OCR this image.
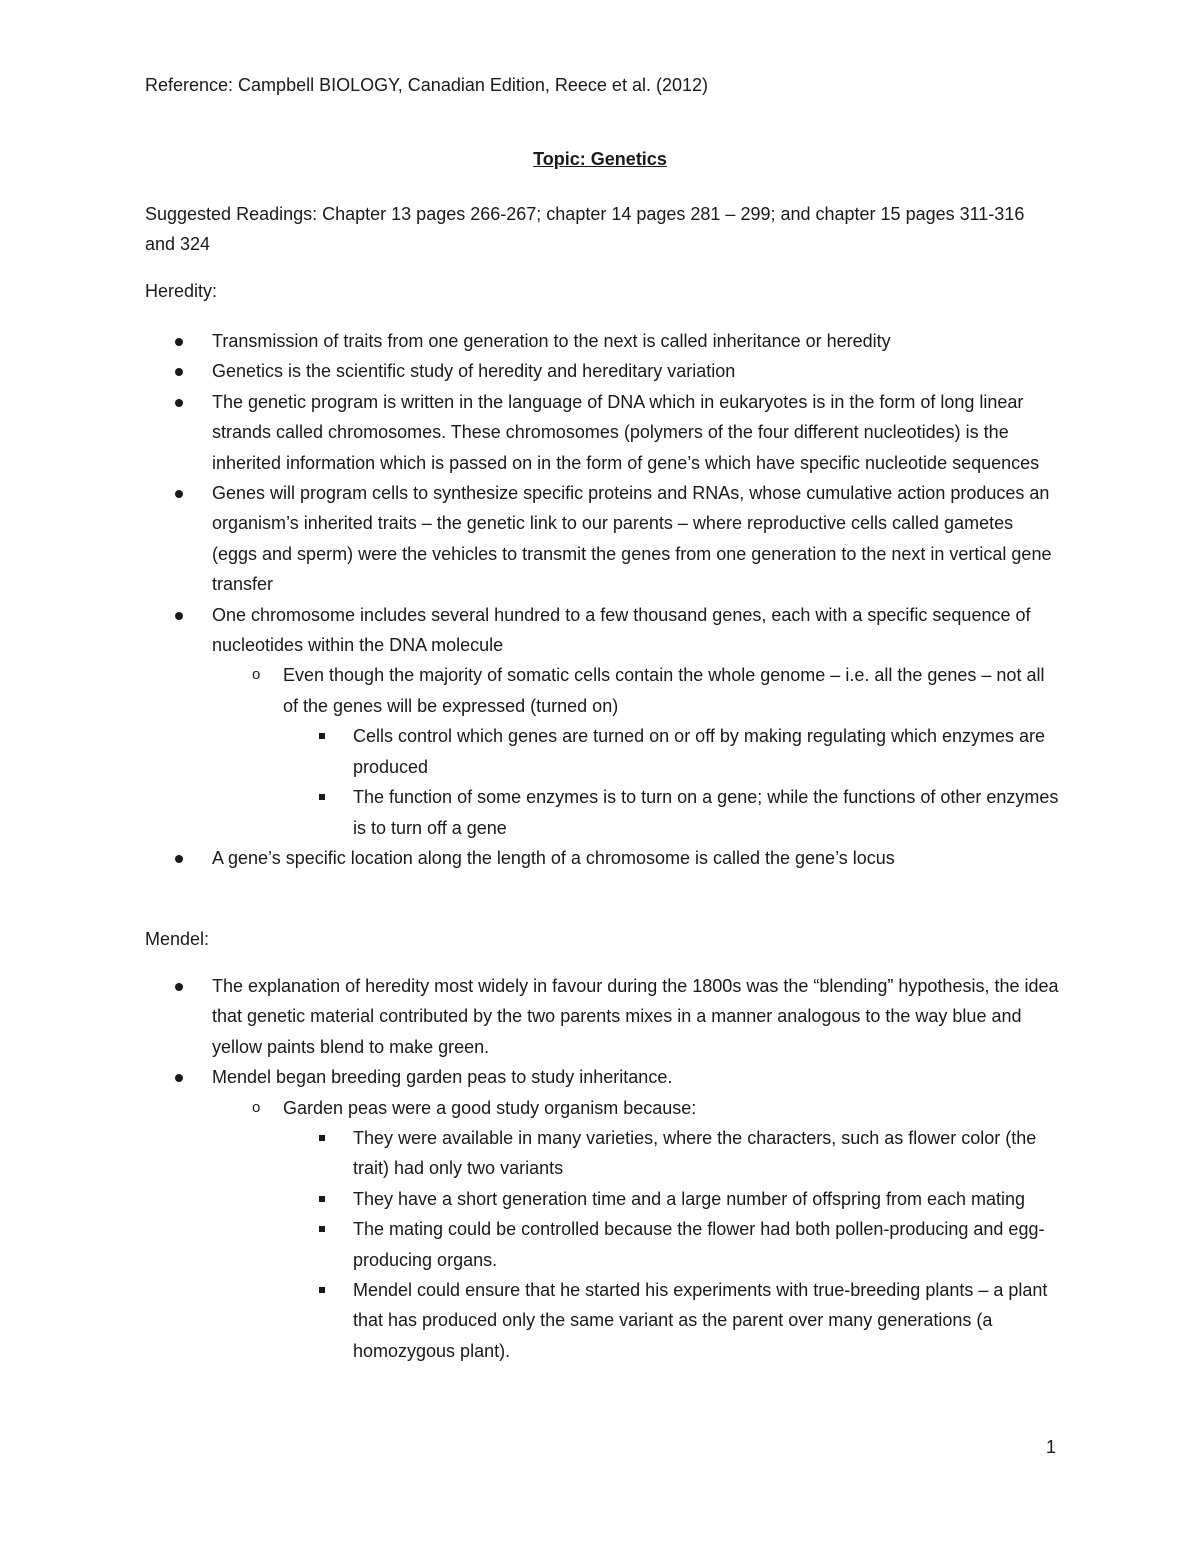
Reference: Campbell BIOLOGY, Canadian Edition, Reece et al. (2012)
Topic: Genetics
Suggested Readings: Chapter 13 pages 266-267; chapter 14 pages 281 – 299; and chapter 15 pages 311-316 and 324
Heredity:
Transmission of traits from one generation to the next is called inheritance or heredity
Genetics is the scientific study of heredity and hereditary variation
The genetic program is written in the language of DNA which in eukaryotes is in the form of long linear strands called chromosomes. These chromosomes (polymers of the four different nucleotides) is the inherited information which is passed on in the form of gene’s which have specific nucleotide sequences
Genes will program cells to synthesize specific proteins and RNAs, whose cumulative action produces an organism’s inherited traits – the genetic link to our parents – where reproductive cells called gametes (eggs and sperm) were the vehicles to transmit the genes from one generation to the next in vertical gene transfer
One chromosome includes several hundred to a few thousand genes, each with a specific sequence of nucleotides within the DNA molecule
o Even though the majority of somatic cells contain the whole genome – i.e. all the genes – not all of the genes will be expressed (turned on)
Cells control which genes are turned on or off by making regulating which enzymes are produced
The function of some enzymes is to turn on a gene; while the functions of other enzymes is to turn off a gene
A gene’s specific location along the length of a chromosome is called the gene’s locus
Mendel:
The explanation of heredity most widely in favour during the 1800s was the “blending” hypothesis, the idea that genetic material contributed by the two parents mixes in a manner analogous to the way blue and yellow paints blend to make green.
Mendel began breeding garden peas to study inheritance.
o Garden peas were a good study organism because:
They were available in many varieties, where the characters, such as flower color (the trait) had only two variants
They have a short generation time and a large number of offspring from each mating
The mating could be controlled because the flower had both pollen-producing and egg-producing organs.
Mendel could ensure that he started his experiments with true-breeding plants – a plant that has produced only the same variant as the parent over many generations (a homozygous plant).
1
